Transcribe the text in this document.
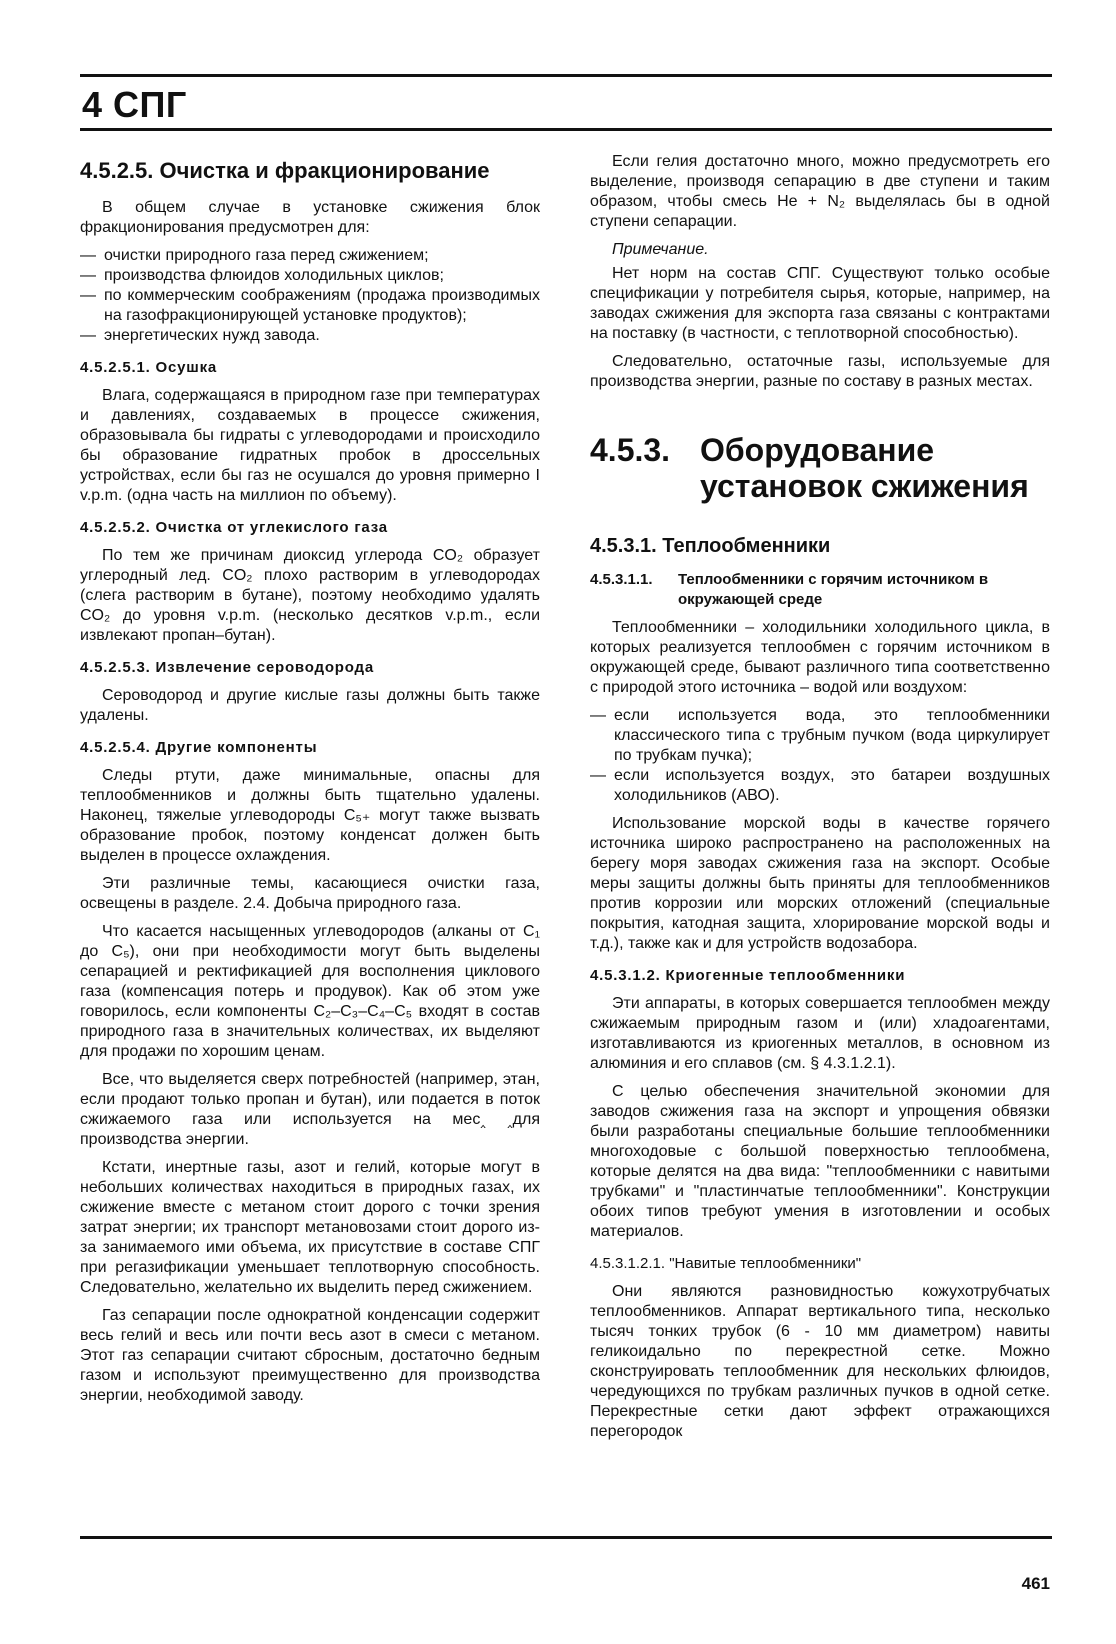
4 СПГ
4.5.2.5. Очистка и фракционирование

В общем случае в установке сжижения блок фракционирования предусмотрен для:

— очистки природного газа перед сжижением;
— производства флюидов холодильных циклов;
— по коммерческим соображениям (продажа производимых на газофракционирующей установке продуктов);
— энергетических нужд завода.
4.5.2.5.1. Осушка

Влага, содержащаяся в природном газе при температурах и давлениях, создаваемых в процессе сжижения, образовывала бы гидраты с углеводородами и происходило бы образование гидратных пробок в дроссельных устройствах, если бы газ не осушался до уровня примерно I v.p.m. (одна часть на миллион по объему).

4.5.2.5.2. Очистка от углекислого газа

По тем же причинам диоксид углерода CO₂ образует углеродный лед. CO₂ плохо растворим в углеводородах (слега растворим в бутане), поэтому необходимо удалять CO₂ до уровня v.p.m. (несколько десятков v.p.m., если извлекают пропан–бутан).

4.5.2.5.3. Извлечение сероводорода

Сероводород и другие кислые газы должны быть также удалены.

4.5.2.5.4. Другие компоненты

Следы ртути, даже минимальные, опасны для теплообменников и должны быть тщательно удалены. Наконец, тяжелые углеводороды C₅₊ могут также вызвать образование пробок, поэтому конденсат должен быть выделен в процессе охлаждения.

Эти различные темы, касающиеся очистки газа, освещены в разделе. 2.4. Добыча природного газа.

Что касается насыщенных углеводородов (алканы от C₁ до C₅), они при необходимости могут быть выделены сепарацией и ректификацией для восполнения циклового газа (компенсация потерь и продувок). Как об этом уже говорилось, если компоненты C₂–C₃–C₄–C₅ входят в состав природного газа в значительных количествах, их выделяют для продажи по хорошим ценам.

Все, что выделяется сверх потребностей (например, этан, если продают только пропан и бутан), или подается в поток сжижаемого газа или используется на мес‸ ‸для производства энергии.

Кстати, инертные газы, азот и гелий, которые могут в небольших количествах находиться в природных газах, их сжижение вместе с метаном стоит дорого с точки зрения затрат энергии; их транспорт метановозами стоит дорого из-за занимаемого ими объема, их присутствие в составе СПГ при регазификации уменьшает теплотворную способность. Следовательно, желательно их выделить перед сжижением.

Газ сепарации после однократной конденсации содержит весь гелий и весь или почти весь азот в смеси с метаном. Этот газ сепарации считают сбросным, достаточно бедным газом и используют преимущественно для производства энергии, необходимой заводу.

Если гелия достаточно много, можно предусмотреть его выделение, производя сепарацию в две ступени и таким образом, чтобы смесь He + N₂ выделялась бы в одной ступени сепарации.

Примечание.

Нет норм на состав СПГ. Существуют только особые спецификации у потребителя сырья, которые, например, на заводах сжижения для экспорта газа связаны с контрактами на поставку (в частности, с теплотворной способностью).

Следовательно, остаточные газы, используемые для производства энергии, разные по составу в разных местах.

4.5.3. Оборудование установок сжижения
4.5.3.1. Теплообменники
4.5.3.1.1. Теплообменники с горячим источником в окружающей среде

Теплообменники – холодильники холодильного цикла, в которых реализуется теплообмен с горячим источником в окружающей среде, бывают различного типа соответственно с природой этого источника – водой или воздухом:

— если используется вода, это теплообменники классического типа с трубным пучком (вода циркулирует по трубкам пучка);
— если используется воздух, это батареи воздушных холодильников (АВО).

Использование морской воды в качестве горячего источника широко распространено на расположенных на берегу моря заводах сжижения газа на экспорт. Особые меры защиты должны быть приняты для теплообменников против коррозии или морских отложений (специальные покрытия, катодная защита, хлорирование морской воды и т.д.), также как и для устройств водозабора.

4.5.3.1.2. Криогенные теплообменники

Эти аппараты, в которых совершается теплообмен между сжижаемым природным газом и (или) хладоагентами, изготавливаются из криогенных металлов, в основном из алюминия и его сплавов (см. § 4.3.1.2.1).

С целью обеспечения значительной экономии для заводов сжижения газа на экспорт и упрощения обвязки были разработаны специальные большие теплообменники многоходовые с большой поверхностью теплообмена, которые делятся на два вида: "теплообменники с навитыми трубками" и "пластинчатые теплообменники". Конструкции обоих типов требуют умения в изготовлении и особых материалов.

4.5.3.1.2.1. "Навитые теплообменники"

Они являются разновидностью кожухотрубчатых теплообменников. Аппарат вертикального типа, несколько тысяч тонких трубок (6 - 10 мм диаметром) навиты геликоидально по перекрестной сетке. Можно сконструировать теплообменник для нескольких флюидов, чередующихся по трубкам различных пучков в одной сетке. Перекрестные сетки дают эффект отражающихся перегородок

461
